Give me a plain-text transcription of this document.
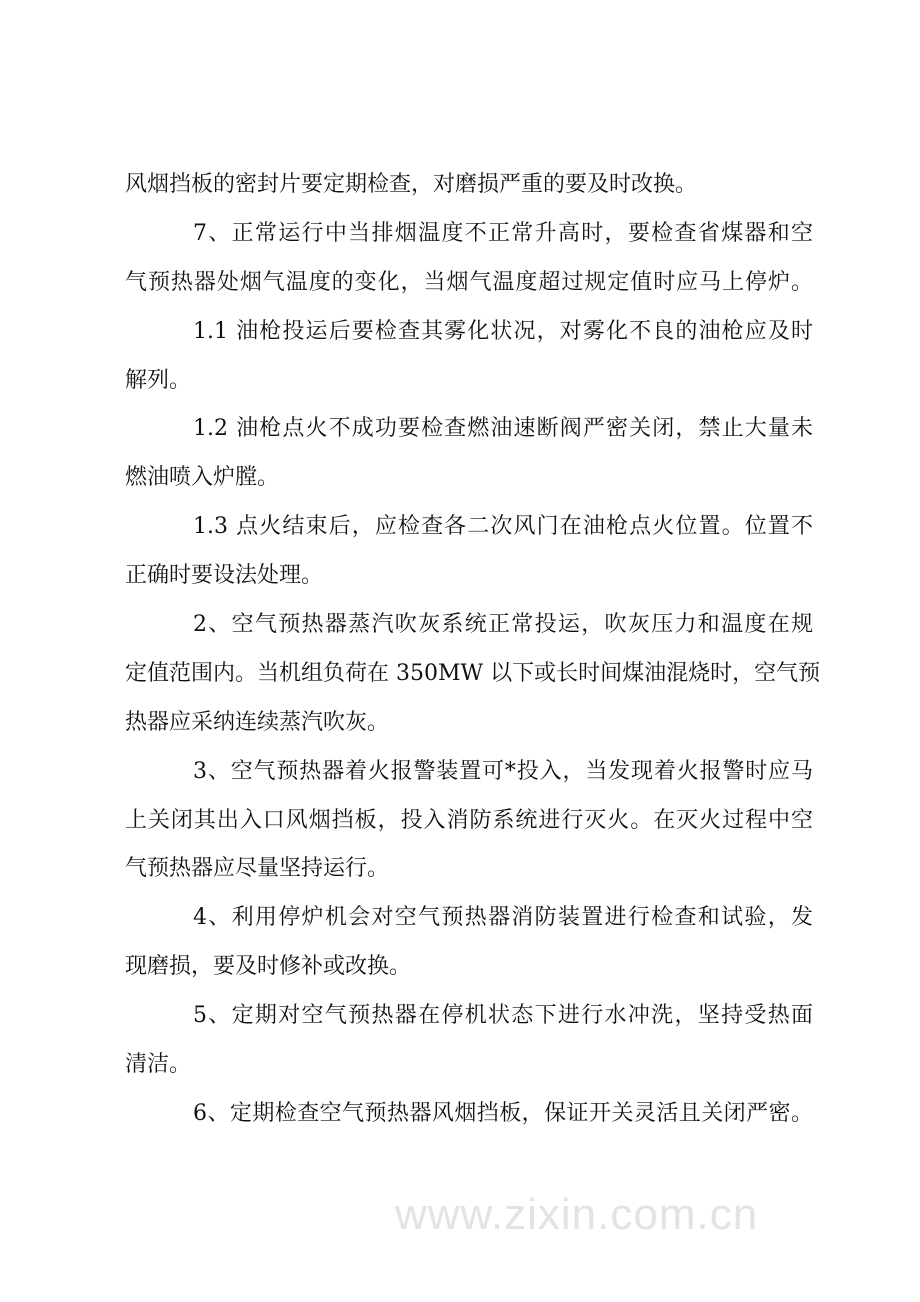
www.zixin.com.cn
风烟挡板的密封片要定期检查，对磨损严重的要及时改换。
7、正常运行中当排烟温度不正常升高时，要检查省煤器和空
气预热器处烟气温度的变化，当烟气温度超过规定值时应马上停炉。
1.1 油枪投运后要检查其雾化状况，对雾化不良的油枪应及时
解列。
1.2 油枪点火不成功要检查燃油速断阀严密关闭，禁止大量未
燃油喷入炉膛。
1.3 点火结束后，应检查各二次风门在油枪点火位置。位置不
正确时要设法处理。
2、空气预热器蒸汽吹灰系统正常投运，吹灰压力和温度在规
定值范围内。当机组负荷在 350MW 以下或长时间煤油混烧时，空气预
热器应采纳连续蒸汽吹灰。
3、空气预热器着火报警装置可*投入，当发现着火报警时应马
上关闭其出入口风烟挡板，投入消防系统进行灭火。在灭火过程中空
气预热器应尽量坚持运行。
4、利用停炉机会对空气预热器消防装置进行检查和试验，发
现磨损，要及时修补或改换。
5、定期对空气预热器在停机状态下进行水冲洗，坚持受热面
清洁。
6、定期检查空气预热器风烟挡板，保证开关灵活且关闭严密。
